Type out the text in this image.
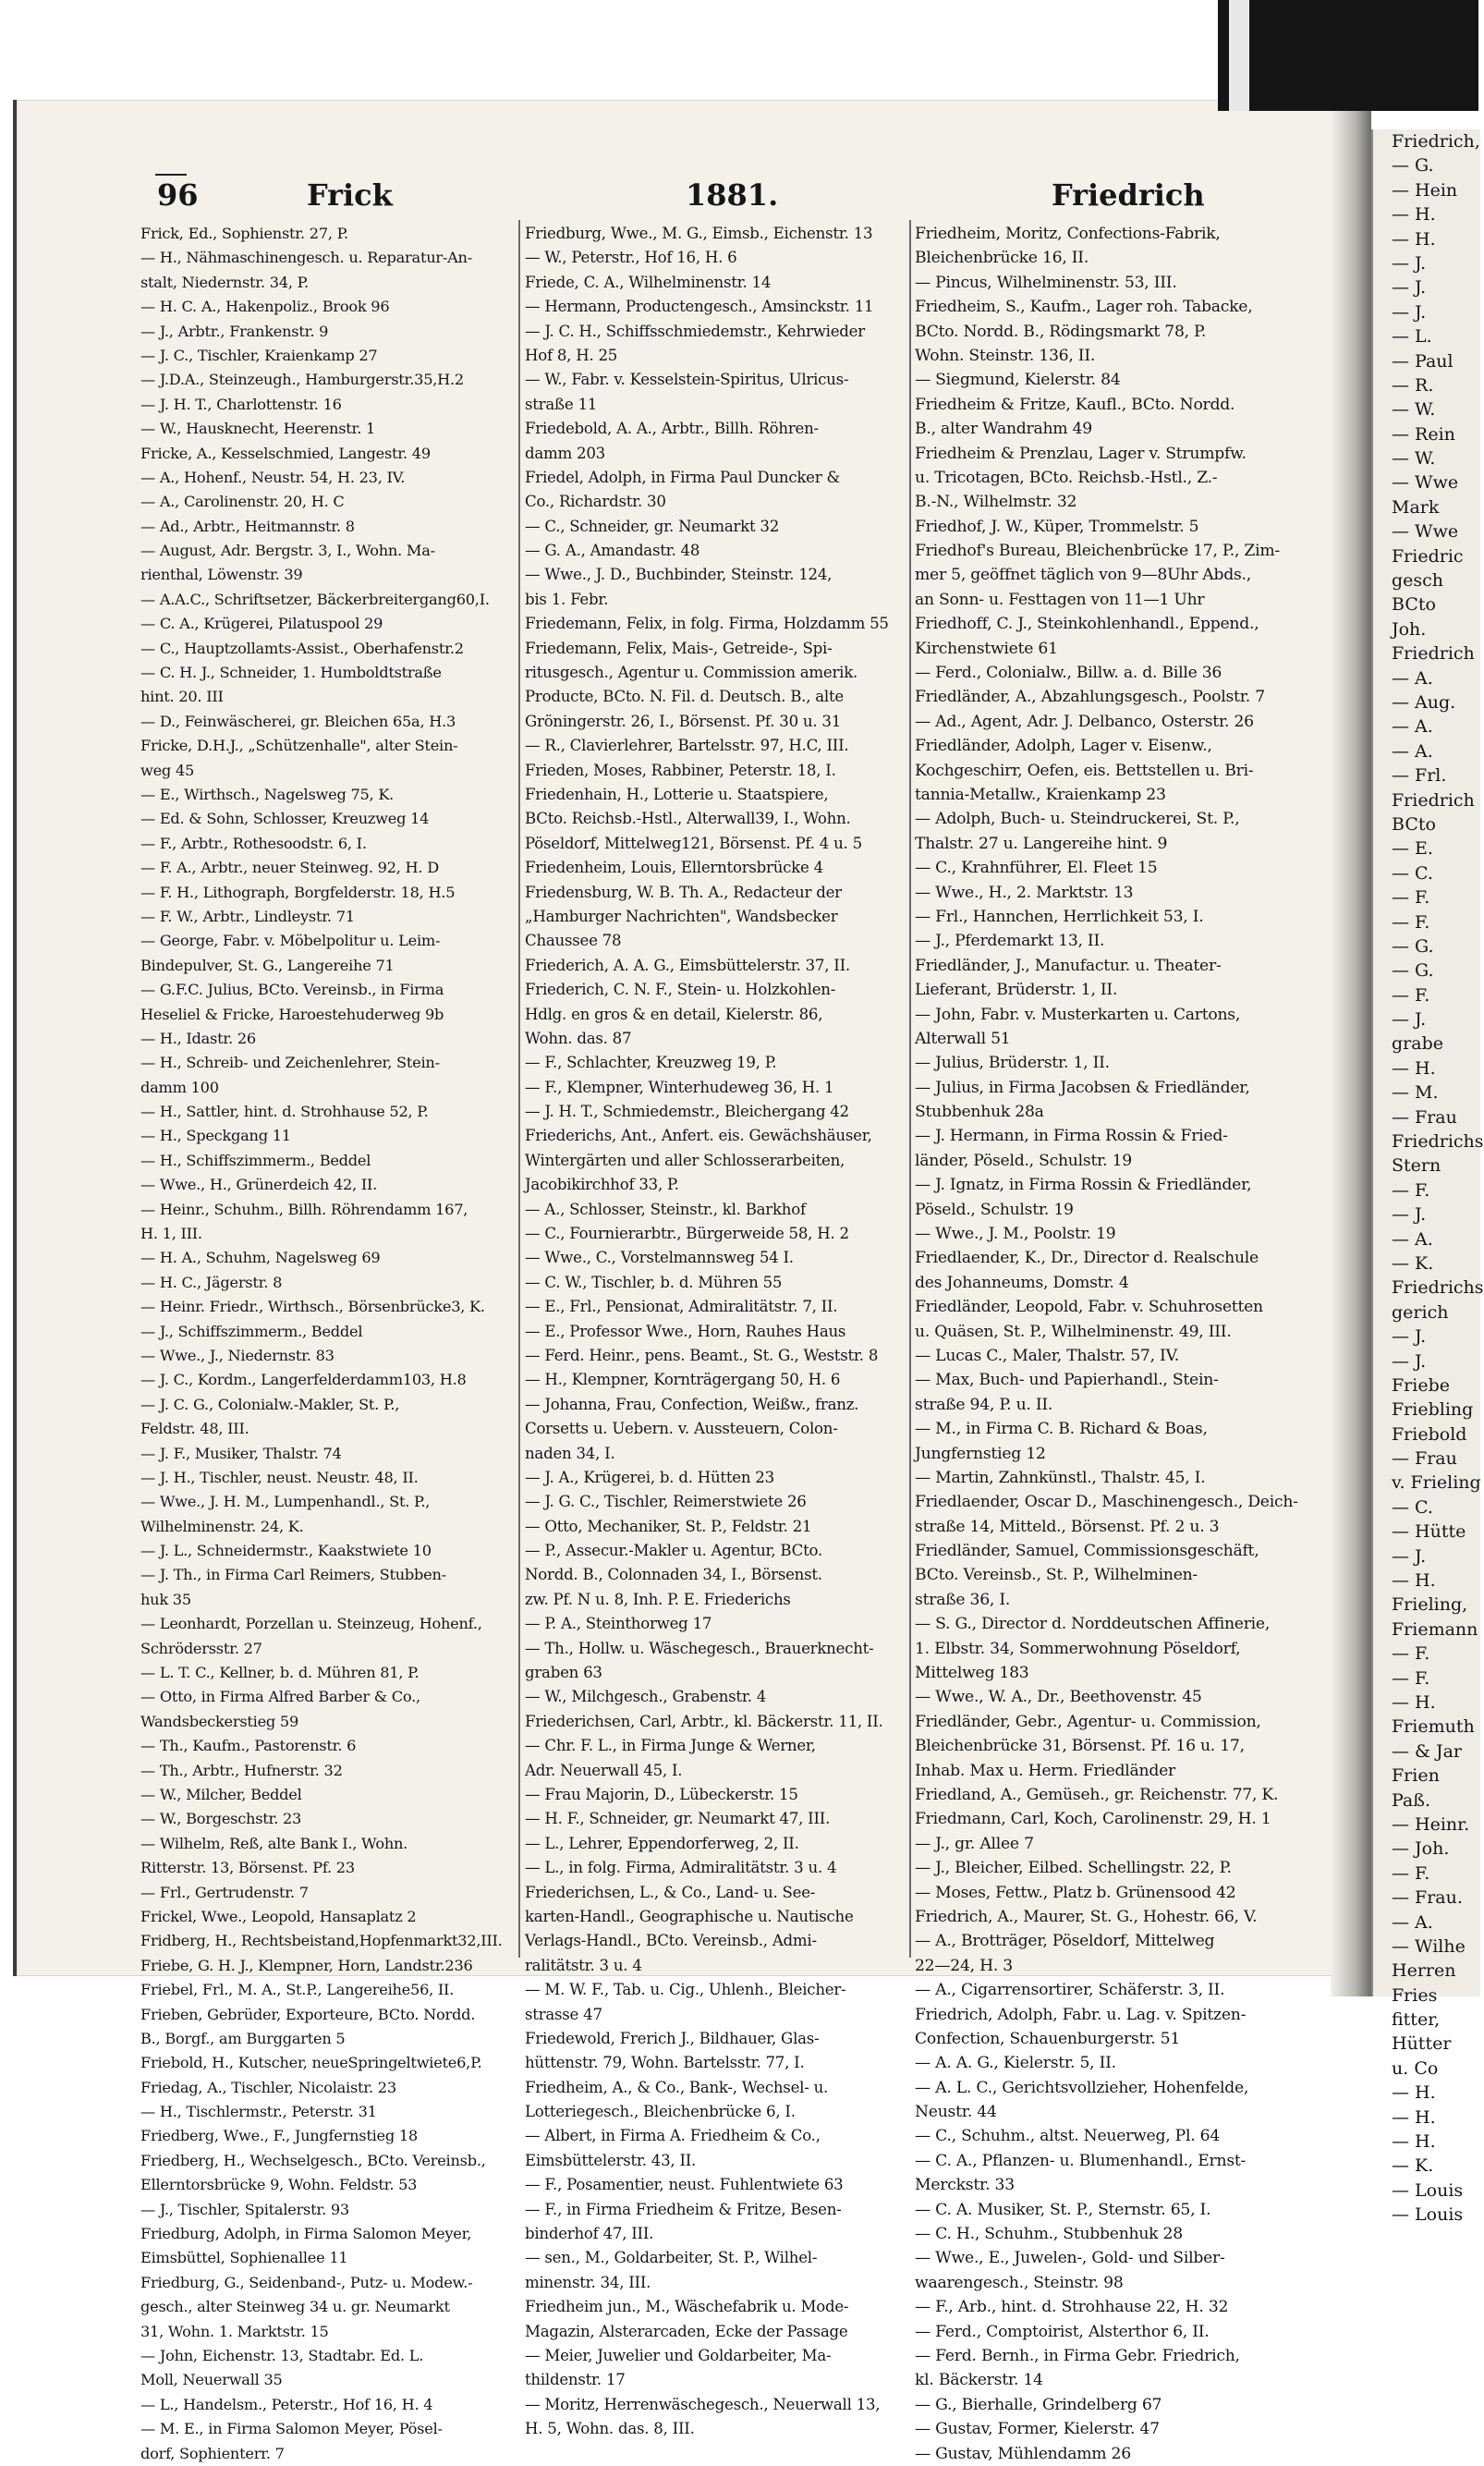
Friedrich,
— G.
— Hein
— H.
— H.
— J.
— J.
— J.
— L.
— Paul
— R.
— W.
— Rein
— W.
— Wwe
Mark
— Wwe
Friedric
gesch
BCto
Joh.
Friedrich
— A.
— Aug.
— A.
— A.
— Frl.
Friedrich
BCto
— E.
— C.
— F.
— F.
— G.
— G.
— F.
— J.
grabe
— H.
— M.
— Frau
Friedrichs
Stern
— F.
— J.
— A.
— K.
Friedrichs
gerich
— J.
— J.
Friebe
Friebling
Friebold
— Frau
v. Frieling
— C.
— Hütte
— J.
— H.
Frieling,
Friemann
— F.
— F.
— H.
Friemuth
— & Jar
Frien
Paß.
— Heinr.
— Joh.
— F.
— Frau.
— A.
— Wilhe
Herren
Fries
fitter,
Hütter
u. Co
— H.
— H.
— H.
— K.
— Louis
— Louis
96	Frick	1881.	Friedrich
Frick, Ed., Sophienstr. 27, P.
— H., Nähmaschinengesch. u. Reparatur-An-
stalt, Niedernstr. 34, P.
— H. C. A., Hakenpoliz., Brook 96
— J., Arbtr., Frankenstr. 9
— J. C., Tischler, Kraienkamp 27
— J.D.A., Steinzeugh., Hamburgerstr.35,H.2
— J. H. T., Charlottenstr. 16
— W., Hausknecht, Heerenstr. 1
Fricke, A., Kesselschmied, Langestr. 49
— A., Hohenf., Neustr. 54, H. 23, IV.
— A., Carolinenstr. 20, H. C
— Ad., Arbtr., Heitmannstr. 8
— August, Adr. Bergstr. 3, I., Wohn. Ma-
rienthal, Löwenstr. 39
— A.A.C., Schriftsetzer, Bäckerbreitergang60,I.
— C. A., Krügerei, Pilatuspool 29
— C., Hauptzollamts-Assist., Oberhafenstr.2
— C. H. J., Schneider, 1. Humboldtstraße
hint. 20. III
— D., Feinwäscherei, gr. Bleichen 65a, H.3
Fricke, D.H.J., „Schützenhalle", alter Stein-
weg 45
— E., Wirthsch., Nagelsweg 75, K.
— Ed. & Sohn, Schlosser, Kreuzweg 14
— F., Arbtr., Rothesoodstr. 6, I.
— F. A., Arbtr., neuer Steinweg. 92, H. D
— F. H., Lithograph, Borgfelderstr. 18, H.5
— F. W., Arbtr., Lindleystr. 71
— George, Fabr. v. Möbelpolitur u. Leim-
Bindepulver, St. G., Langereihe 71
— G.F.C. Julius, BCto. Vereinsb., in Firma
Heseliel & Fricke, Haroestehuderweg 9b
— H., Idastr. 26
— H., Schreib- und Zeichenlehrer, Stein-
damm 100
— H., Sattler, hint. d. Strohhause 52, P.
— H., Speckgang 11
— H., Schiffszimmerm., Beddel
— Wwe., H., Grünerdeich 42, II.
— Heinr., Schuhm., Billh. Röhrendamm 167,
H. 1, III.
— H. A., Schuhm, Nagelsweg 69
— H. C., Jägerstr. 8
— Heinr. Friedr., Wirthsch., Börsenbrücke3, K.
— J., Schiffszimmerm., Beddel
— Wwe., J., Niedernstr. 83
— J. C., Kordm., Langerfelderdamm103, H.8
— J. C. G., Colonialw.-Makler, St. P.,
Feldstr. 48, III.
— J. F., Musiker, Thalstr. 74
— J. H., Tischler, neust. Neustr. 48, II.
— Wwe., J. H. M., Lumpenhandl., St. P.,
Wilhelminenstr. 24, K.
— J. L., Schneidermstr., Kaakstwiete 10
— J. Th., in Firma Carl Reimers, Stubben-
huk 35
— Leonhardt, Porzellan u. Steinzeug, Hohenf.,
Schrödersstr. 27
— L. T. C., Kellner, b. d. Mühren 81, P.
— Otto, in Firma Alfred Barber & Co.,
Wandsbeckerstieg 59
— Th., Kaufm., Pastorenstr. 6
— Th., Arbtr., Hufnerstr. 32
— W., Milcher, Beddel
— W., Borgeschstr. 23
— Wilhelm, Reß, alte Bank I., Wohn.
Ritterstr. 13, Börsenst. Pf. 23
— Frl., Gertrudenstr. 7
Frickel, Wwe., Leopold, Hansaplatz 2
Fridberg, H., Rechtsbeistand,Hopfenmarkt32,III.
Friebe, G. H. J., Klempner, Horn, Landstr.236
Friebel, Frl., M. A., St.P., Langereihe56, II.
Frieben, Gebrüder, Exporteure, BCto. Nordd.
B., Borgf., am Burggarten 5
Friebold, H., Kutscher, neueSpringeltwiete6,P.
Friedag, A., Tischler, Nicolaistr. 23
— H., Tischlermstr., Peterstr. 31
Friedberg, Wwe., F., Jungfernstieg 18
Friedberg, H., Wechselgesch., BCto. Vereinsb.,
Ellerntorsbrücke 9, Wohn. Feldstr. 53
— J., Tischler, Spitalerstr. 93
Friedburg, Adolph, in Firma Salomon Meyer,
Eimsbüttel, Sophienallee 11
Friedburg, G., Seidenband-, Putz- u. Modew.-
gesch., alter Steinweg 34 u. gr. Neumarkt
31, Wohn. 1. Marktstr. 15
— John, Eichenstr. 13, Stadtabr. Ed. L.
Moll, Neuerwall 35
— L., Handelsm., Peterstr., Hof 16, H. 4
— M. E., in Firma Salomon Meyer, Pösel-
dorf, Sophienterr. 7
Friedburg, Wwe., M. G., Eimsb., Eichenstr. 13
— W., Peterstr., Hof 16, H. 6
Friede, C. A., Wilhelminenstr. 14
— Hermann, Productengesch., Amsinckstr. 11
— J. C. H., Schiffsschmiedemstr., Kehrwieder
Hof 8, H. 25
— W., Fabr. v. Kesselstein-Spiritus, Ulricus-
straße 11
Friedebold, A. A., Arbtr., Billh. Röhren-
damm 203
Friedel, Adolph, in Firma Paul Duncker &
Co., Richardstr. 30
— C., Schneider, gr. Neumarkt 32
— G. A., Amandastr. 48
— Wwe., J. D., Buchbinder, Steinstr. 124,
bis 1. Febr.
Friedemann, Felix, in folg. Firma, Holzdamm 55
Friedemann, Felix, Mais-, Getreide-, Spi-
ritusgesch., Agentur u. Commission amerik.
Producte, BCto. N. Fil. d. Deutsch. B., alte
Gröningerstr. 26, I., Börsenst. Pf. 30 u. 31
— R., Clavierlehrer, Bartelsstr. 97, H.C, III.
Frieden, Moses, Rabbiner, Peterstr. 18, I.
Friedenhain, H., Lotterie u. Staatspiere,
BCto. Reichsb.-Hstl., Alterwall39, I., Wohn.
Pöseldorf, Mittelweg121, Börsenst. Pf. 4 u. 5
Friedenheim, Louis, Ellerntorsbrücke 4
Friedensburg, W. B. Th. A., Redacteur der
„Hamburger Nachrichten", Wandsbecker
Chaussee 78
Friederich, A. A. G., Eimsbüttelerstr. 37, II.
Friederich, C. N. F., Stein- u. Holzkohlen-
Hdlg. en gros & en detail, Kielerstr. 86,
Wohn. das. 87
— F., Schlachter, Kreuzweg 19, P.
— F., Klempner, Winterhudeweg 36, H. 1
— J. H. T., Schmiedemstr., Bleichergang 42
Friederichs, Ant., Anfert. eis. Gewächshäuser,
Wintergärten und aller Schlosserarbeiten,
Jacobikirchhof 33, P.
— A., Schlosser, Steinstr., kl. Barkhof
— C., Fournierarbtr., Bürgerweide 58, H. 2
— Wwe., C., Vorstelmannsweg 54 I.
— C. W., Tischler, b. d. Mühren 55
— E., Frl., Pensionat, Admiralitätstr. 7, II.
— E., Professor Wwe., Horn, Rauhes Haus
— Ferd. Heinr., pens. Beamt., St. G., Weststr. 8
— H., Klempner, Kornträgergang 50, H. 6
— Johanna, Frau, Confection, Weißw., franz.
Corsetts u. Uebern. v. Aussteuern, Colon-
naden 34, I.
— J. A., Krügerei, b. d. Hütten 23
— J. G. C., Tischler, Reimerstwiete 26
— Otto, Mechaniker, St. P., Feldstr. 21
— P., Assecur.-Makler u. Agentur, BCto.
Nordd. B., Colonnaden 34, I., Börsenst.
zw. Pf. N u. 8, Inh. P. E. Friederichs
— P. A., Steinthorweg 17
— Th., Hollw. u. Wäschegesch., Brauerknecht-
graben 63
— W., Milchgesch., Grabenstr. 4
Friederichsen, Carl, Arbtr., kl. Bäckerstr. 11, II.
— Chr. F. L., in Firma Junge & Werner,
Adr. Neuerwall 45, I.
— Frau Majorin, D., Lübeckerstr. 15
— H. F., Schneider, gr. Neumarkt 47, III.
— L., Lehrer, Eppendorferweg, 2, II.
— L., in folg. Firma, Admiralitätstr. 3 u. 4
Friederichsen, L., & Co., Land- u. See-
karten-Handl., Geographische u. Nautische
Verlags-Handl., BCto. Vereinsb., Admi-
ralitätstr. 3 u. 4
— M. W. F., Tab. u. Cig., Uhlenh., Bleicher-
strasse 47
Friedewold, Frerich J., Bildhauer, Glas-
hüttenstr. 79, Wohn. Bartelsstr. 77, I.
Friedheim, A., & Co., Bank-, Wechsel- u.
Lotteriegesch., Bleichenbrücke 6, I.
— Albert, in Firma A. Friedheim & Co.,
Eimsbüttelerstr. 43, II.
— F., Posamentier, neust. Fuhlentwiete 63
— F., in Firma Friedheim & Fritze, Besen-
binderhof 47, III.
— sen., M., Goldarbeiter, St. P., Wilhel-
minenstr. 34, III.
Friedheim jun., M., Wäschefabrik u. Mode-
Magazin, Alsterarcaden, Ecke der Passage
— Meier, Juwelier und Goldarbeiter, Ma-
thildenstr. 17
— Moritz, Herrenwäschegesch., Neuerwall 13,
H. 5, Wohn. das. 8, III.
Friedheim, Moritz, Confections-Fabrik,
Bleichenbrücke 16, II.
— Pincus, Wilhelminenstr. 53, III.
Friedheim, S., Kaufm., Lager roh. Tabacke,
BCto. Nordd. B., Rödingsmarkt 78, P.
Wohn. Steinstr. 136, II.
— Siegmund, Kielerstr. 84
Friedheim & Fritze, Kaufl., BCto. Nordd.
B., alter Wandrahm 49
Friedheim & Prenzlau, Lager v. Strumpfw.
u. Tricotagen, BCto. Reichsb.-Hstl., Z.-
B.-N., Wilhelmstr. 32
Friedhof, J. W., Küper, Trommelstr. 5
Friedhof's Bureau, Bleichenbrücke 17, P., Zim-
mer 5, geöffnet täglich von 9—8Uhr Abds.,
an Sonn- u. Festtagen von 11—1 Uhr
Friedhoff, C. J., Steinkohlenhandl., Eppend.,
Kirchenstwiete 61
— Ferd., Colonialw., Billw. a. d. Bille 36
Friedländer, A., Abzahlungsgesch., Poolstr. 7
— Ad., Agent, Adr. J. Delbanco, Osterstr. 26
Friedländer, Adolph, Lager v. Eisenw.,
Kochgeschirr, Oefen, eis. Bettstellen u. Bri-
tannia-Metallw., Kraienkamp 23
— Adolph, Buch- u. Steindruckerei, St. P.,
Thalstr. 27 u. Langereihe hint. 9
— C., Krahnführer, El. Fleet 15
— Wwe., H., 2. Marktstr. 13
— Frl., Hannchen, Herrlichkeit 53, I.
— J., Pferdemarkt 13, II.
Friedländer, J., Manufactur. u. Theater-
Lieferant, Brüderstr. 1, II.
— John, Fabr. v. Musterkarten u. Cartons,
Alterwall 51
— Julius, Brüderstr. 1, II.
— Julius, in Firma Jacobsen & Friedländer,
Stubbenhuk 28a
— J. Hermann, in Firma Rossin & Fried-
länder, Pöseld., Schulstr. 19
— J. Ignatz, in Firma Rossin & Friedländer,
Pöseld., Schulstr. 19
— Wwe., J. M., Poolstr. 19
Friedlaender, K., Dr., Director d. Realschule
des Johanneums, Domstr. 4
Friedländer, Leopold, Fabr. v. Schuhrosetten
u. Quäsen, St. P., Wilhelminenstr. 49, III.
— Lucas C., Maler, Thalstr. 57, IV.
— Max, Buch- und Papierhandl., Stein-
straße 94, P. u. II.
— M., in Firma C. B. Richard & Boas,
Jungfernstieg 12
— Martin, Zahnkünstl., Thalstr. 45, I.
Friedlaender, Oscar D., Maschinengesch., Deich-
straße 14, Mitteld., Börsenst. Pf. 2 u. 3
Friedländer, Samuel, Commissionsgeschäft,
BCto. Vereinsb., St. P., Wilhelminen-
straße 36, I.
— S. G., Director d. Norddeutschen Affinerie,
1. Elbstr. 34, Sommerwohnung Pöseldorf,
Mittelweg 183
— Wwe., W. A., Dr., Beethovenstr. 45
Friedländer, Gebr., Agentur- u. Commission,
Bleichenbrücke 31, Börsenst. Pf. 16 u. 17,
Inhab. Max u. Herm. Friedländer
Friedland, A., Gemüseh., gr. Reichenstr. 77, K.
Friedmann, Carl, Koch, Carolinenstr. 29, H. 1
— J., gr. Allee 7
— J., Bleicher, Eilbed. Schellingstr. 22, P.
— Moses, Fettw., Platz b. Grünensood 42
Friedrich, A., Maurer, St. G., Hohestr. 66, V.
— A., Brotträger, Pöseldorf, Mittelweg
22—24, H. 3
— A., Cigarrensortirer, Schäferstr. 3, II.
Friedrich, Adolph, Fabr. u. Lag. v. Spitzen-
Confection, Schauenburgerstr. 51
— A. A. G., Kielerstr. 5, II.
— A. L. C., Gerichtsvollzieher, Hohenfelde,
Neustr. 44
— C., Schuhm., altst. Neuerweg, Pl. 64
— C. A., Pflanzen- u. Blumenhandl., Ernst-
Merckstr. 33
— C. A. Musiker, St. P., Sternstr. 65, I.
— C. H., Schuhm., Stubbenhuk 28
— Wwe., E., Juwelen-, Gold- und Silber-
waarengesch., Steinstr. 98
— F., Arb., hint. d. Strohhause 22, H. 32
— Ferd., Comptoirist, Alsterthor 6, II.
— Ferd. Bernh., in Firma Gebr. Friedrich,
kl. Bäckerstr. 14
— G., Bierhalle, Grindelberg 67
— Gustav, Former, Kielerstr. 47
— Gustav, Mühlendamm 26
